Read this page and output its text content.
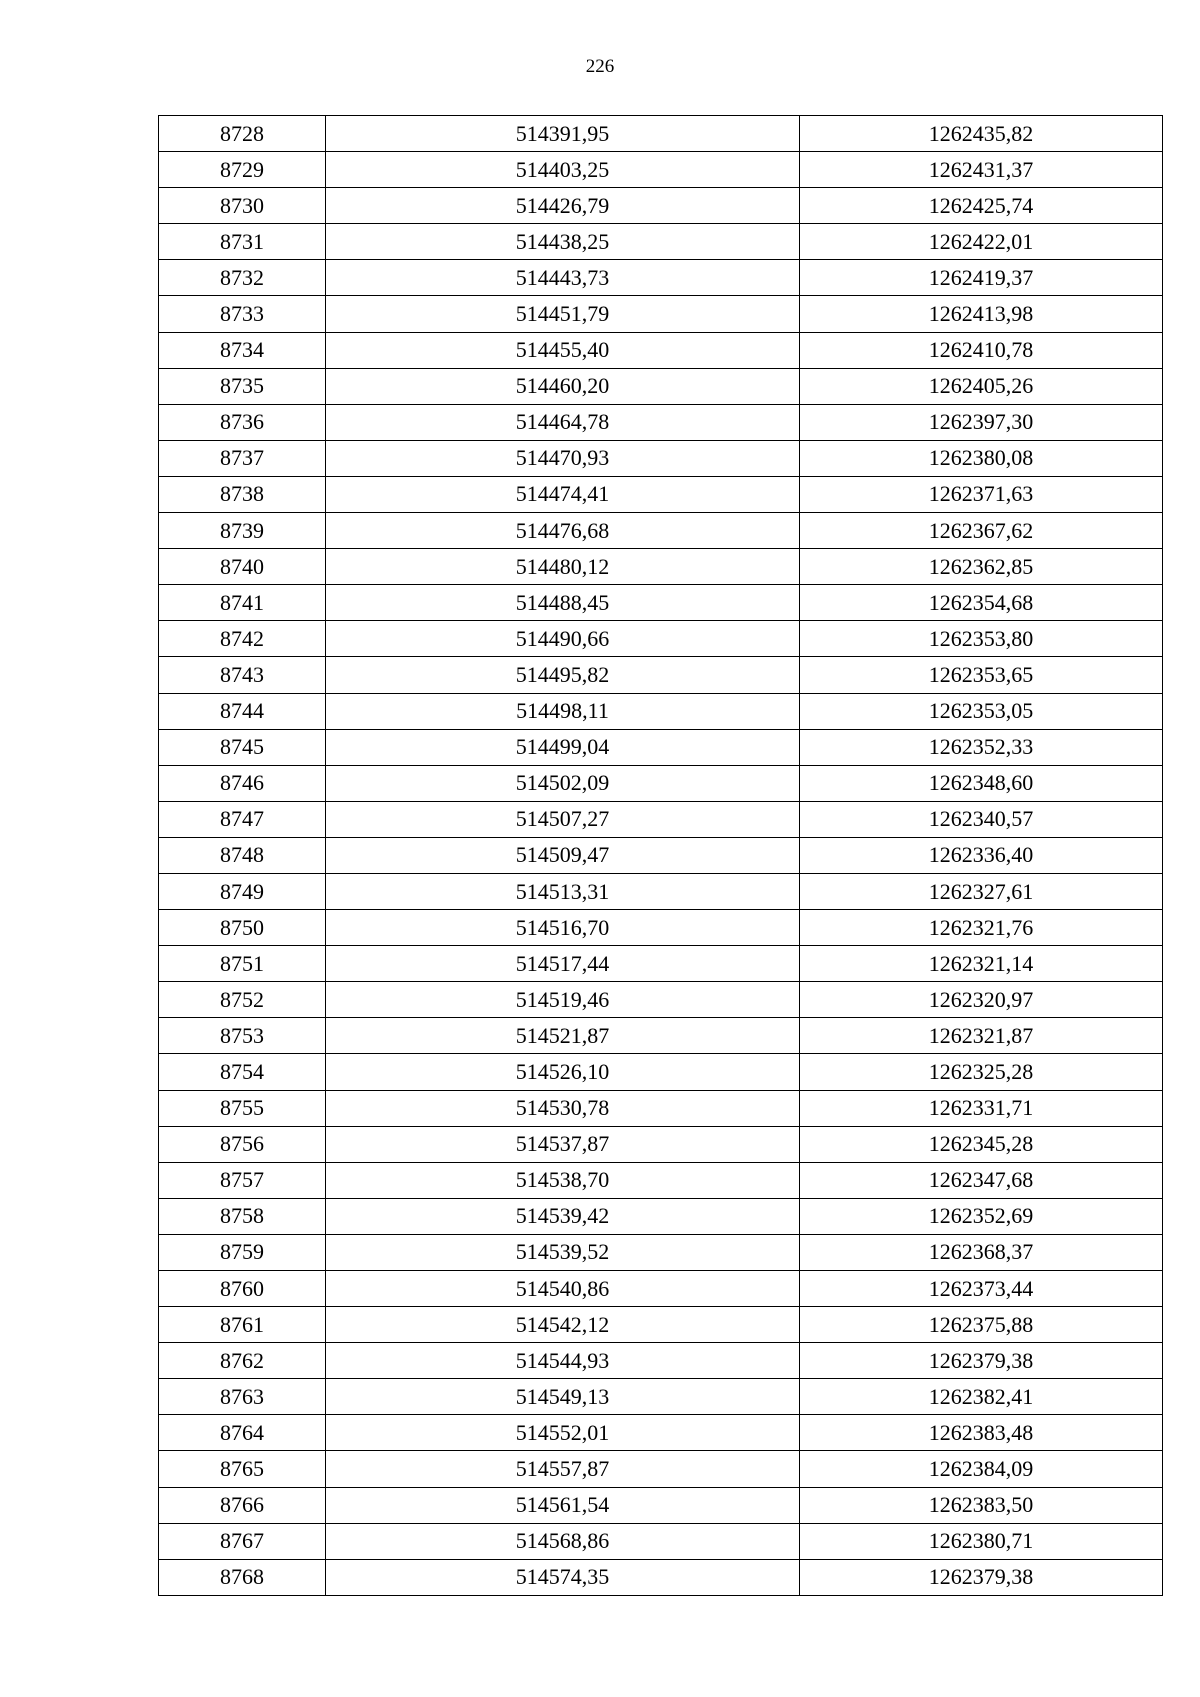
226
8728	514391,95	1262435,82
8729	514403,25	1262431,37
8730	514426,79	1262425,74
8731	514438,25	1262422,01
8732	514443,73	1262419,37
8733	514451,79	1262413,98
8734	514455,40	1262410,78
8735	514460,20	1262405,26
8736	514464,78	1262397,30
8737	514470,93	1262380,08
8738	514474,41	1262371,63
8739	514476,68	1262367,62
8740	514480,12	1262362,85
8741	514488,45	1262354,68
8742	514490,66	1262353,80
8743	514495,82	1262353,65
8744	514498,11	1262353,05
8745	514499,04	1262352,33
8746	514502,09	1262348,60
8747	514507,27	1262340,57
8748	514509,47	1262336,40
8749	514513,31	1262327,61
8750	514516,70	1262321,76
8751	514517,44	1262321,14
8752	514519,46	1262320,97
8753	514521,87	1262321,87
8754	514526,10	1262325,28
8755	514530,78	1262331,71
8756	514537,87	1262345,28
8757	514538,70	1262347,68
8758	514539,42	1262352,69
8759	514539,52	1262368,37
8760	514540,86	1262373,44
8761	514542,12	1262375,88
8762	514544,93	1262379,38
8763	514549,13	1262382,41
8764	514552,01	1262383,48
8765	514557,87	1262384,09
8766	514561,54	1262383,50
8767	514568,86	1262380,71
8768	514574,35	1262379,38
